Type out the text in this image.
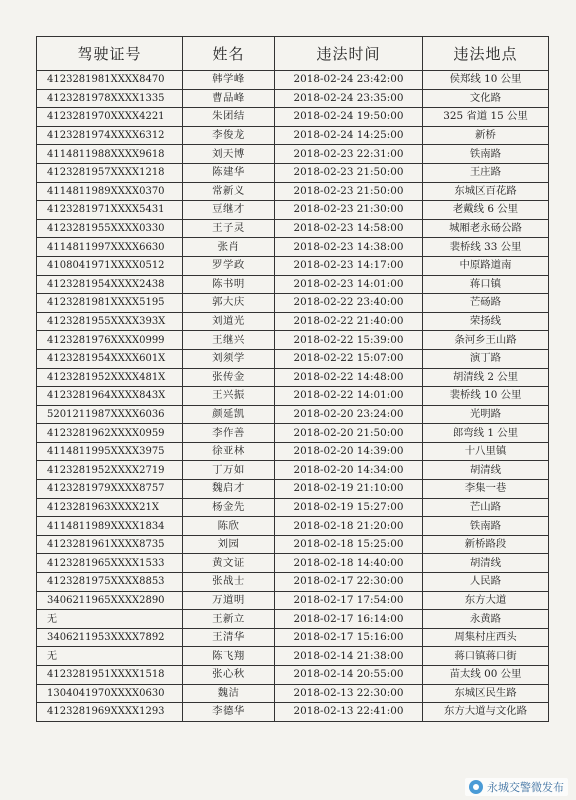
驾驶证号	姓名	违法时间	违法地点
4123281981XXXX8470	韩学峰	2018-02-24 23:42:00	侯郑线 10 公里
4123281978XXXX1335	曹品峰	2018-02-24 23:35:00	文化路
4123281970XXXX4221	朱团结	2018-02-24 19:50:00	325 省道 15 公里
4123281974XXXX6312	李俊龙	2018-02-24 14:25:00	新桥
4114811988XXXX9618	刘天博	2018-02-23 22:31:00	铁南路
4123281957XXXX1218	陈建华	2018-02-23 21:50:00	王庄路
4114811989XXXX0370	常新义	2018-02-23 21:50:00	东城区百花路
4123281971XXXX5431	豆继才	2018-02-23 21:30:00	老戴线 6 公里
4123281955XXXX0330	王子灵	2018-02-23 14:58:00	城厢老永砀公路
4114811997XXXX6630	张肖	2018-02-23 14:38:00	裴桥线 33 公里
4108041971XXXX0512	罗学政	2018-02-23 14:17:00	中原路道南
4123281954XXXX2438	陈书明	2018-02-23 14:01:00	蒋口镇
4123281981XXXX5195	郭大庆	2018-02-22 23:40:00	芒砀路
4123281955XXXX393X	刘道光	2018-02-22 21:40:00	荣扬线
4123281976XXXX0999	王继兴	2018-02-22 15:39:00	条河乡王山路
4123281954XXXX601X	刘须学	2018-02-22 15:07:00	演丁路
4123281952XXXX481X	张传金	2018-02-22 14:48:00	胡清线 2 公里
4123281964XXXX843X	王兴振	2018-02-22 14:01:00	裴桥线 10 公里
5201211987XXXX6036	颜延凯	2018-02-20 23:24:00	光明路
4123281962XXXX0959	李作善	2018-02-20 21:50:00	郎弯线 1 公里
4114811995XXXX3975	徐亚林	2018-02-20 14:39:00	十八里镇
4123281952XXXX2719	丁万如	2018-02-20 14:34:00	胡清线
4123281979XXXX8757	魏启才	2018-02-19 21:10:00	李集一巷
4123281963XXXX21X	杨金先	2018-02-19 15:27:00	芒山路
4114811989XXXX1834	陈欣	2018-02-18 21:20:00	铁南路
4123281961XXXX8735	刘园	2018-02-18 15:25:00	新桥路段
4123281965XXXX1533	黄文证	2018-02-18 14:40:00	胡清线
4123281975XXXX8853	张战士	2018-02-17 22:30:00	人民路
3406211965XXXX2890	万道明	2018-02-17 17:54:00	东方大道
无	王新立	2018-02-17 16:14:00	永黄路
3406211953XXXX7892	王清华	2018-02-17 15:16:00	周集村庄西头
无	陈飞翔	2018-02-14 21:38:00	蒋口镇蒋口街
4123281951XXXX1518	张心秋	2018-02-14 20:55:00	苗太线 00 公里
1304041970XXXX0630	魏洁	2018-02-13 22:30:00	东城区民生路
4123281969XXXX1293	李德华	2018-02-13 22:41:00	东方大道与文化路
永城交警微发布
